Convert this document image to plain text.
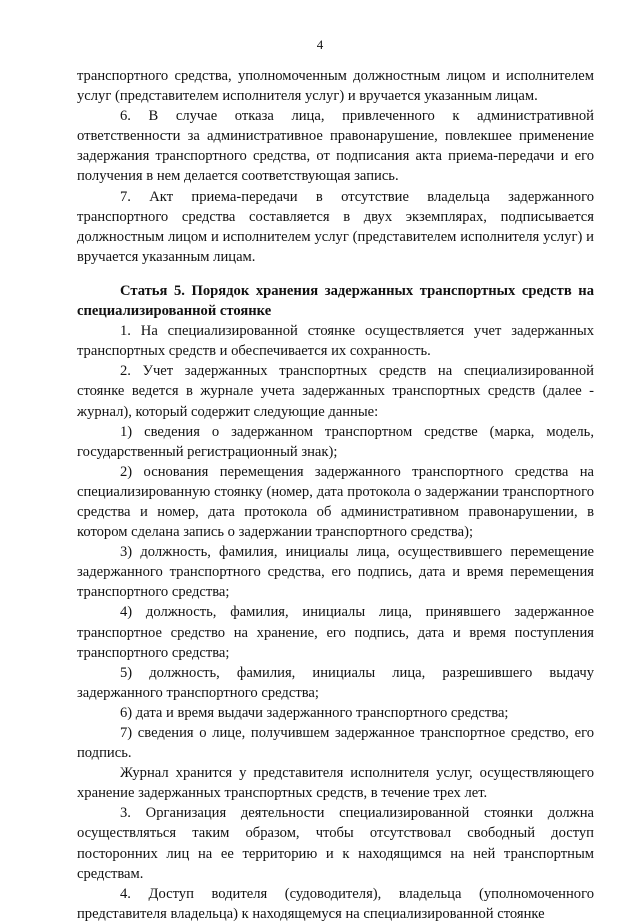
4

транспортного средства, уполномоченным должностным лицом и исполнителем услуг (представителем исполнителя услуг) и вручается указанным лицам.

6. В случае отказа лица, привлеченного к административной ответственности за административное правонарушение, повлекшее применение задержания транспортного средства, от подписания акта приема-передачи и его получения в нем делается соответствующая запись.

7. Акт приема-передачи в отсутствие владельца задержанного транспортного средства составляется в двух экземплярах, подписывается должностным лицом и исполнителем услуг (представителем исполнителя услуг) и вручается указанным лицам.

Статья 5. Порядок хранения задержанных транспортных средств на специализированной стоянке

1. На специализированной стоянке осуществляется учет задержанных транспортных средств и обеспечивается их сохранность.

2. Учет задержанных транспортных средств на специализированной стоянке ведется в журнале учета задержанных транспортных средств (далее - журнал), который содержит следующие данные:

1) сведения о задержанном транспортном средстве (марка, модель, государственный регистрационный знак);

2) основания перемещения задержанного транспортного средства на специализированную стоянку (номер, дата протокола о задержании транспортного средства и номер, дата протокола об административном правонарушении, в котором сделана запись о задержании транспортного средства);

3) должность, фамилия, инициалы лица, осуществившего перемещение задержанного транспортного средства, его подпись, дата и время перемещения транспортного средства;

4) должность, фамилия, инициалы лица, принявшего задержанное транспортное средство на хранение, его подпись, дата и время поступления транспортного средства;

5) должность, фамилия, инициалы лица, разрешившего выдачу задержанного транспортного средства;

6) дата и время выдачи задержанного транспортного средства;

7) сведения о лице, получившем задержанное транспортное средство, его подпись.

Журнал хранится у представителя исполнителя услуг, осуществляющего хранение задержанных транспортных средств, в течение трех лет.

3. Организация деятельности специализированной стоянки должна осуществляться таким образом, чтобы отсутствовал свободный доступ посторонних лиц на ее территорию и к находящимся на ней транспортным средствам.

4. Доступ водителя (судоводителя), владельца (уполномоченного представителя владельца) к находящемуся на специализированной стоянке
